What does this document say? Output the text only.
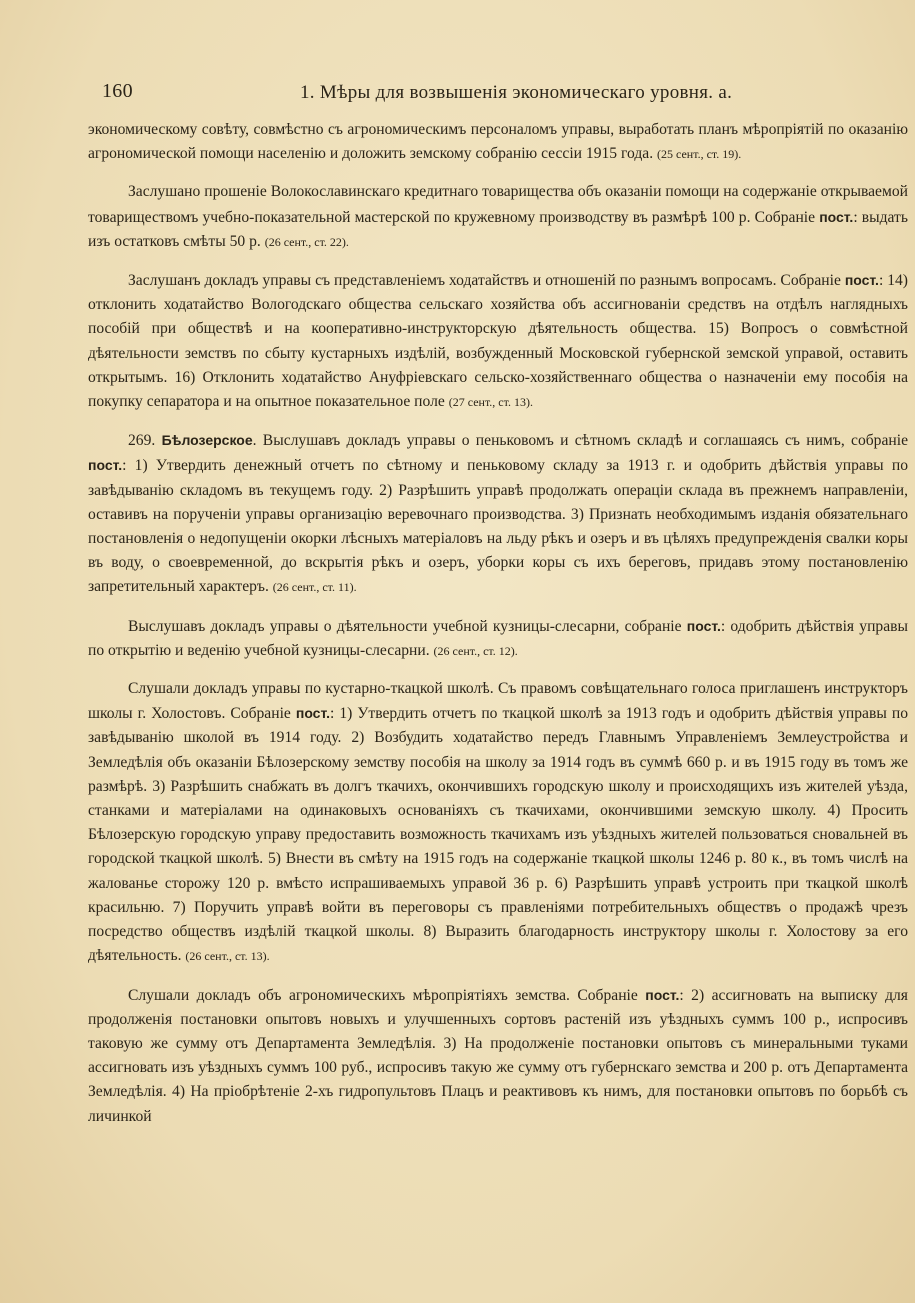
160	1. Мѣры для возвышенія экономическаго уровня. а.

экономическому совѣту, совмѣстно съ агрономическимъ персоналомъ управы, выработать планъ мѣропріятій по оказанію агрономической помощи населенію и доложить земскому собранію сессіи 1915 года. (25 сент., ст. 19).

Заслушано прошеніе Волокославинскаго кредитнаго товарищества объ оказаніи помощи на содержаніе открываемой товариществомъ учебно-показательной мастерской по кружевному производству въ размѣрѣ 100 р. Собраніе пост.: выдать изъ остатковъ смѣты 50 р. (26 сент., ст. 22).

Заслушанъ докладъ управы съ представленіемъ ходатайствъ и отношеній по разнымъ вопросамъ. Собраніе пост.: 14) отклонить ходатайство Вологодскаго общества сельскаго хозяйства объ ассигнованіи средствъ на отдѣлъ наглядныхъ пособій при обществѣ и на кооперативно-инструкторскую дѣятельность общества. 15) Вопросъ о совмѣстной дѣятельности земствъ по сбыту кустарныхъ издѣлій, возбужденный Московской губернской земской управой, оставить открытымъ. 16) Отклонить ходатайство Ануфріевскаго сельско-хозяйственнаго общества о назначеніи ему пособія на покупку сепаратора и на опытное показательное поле (27 сент., ст. 13).

269. Бѣлозерское. Выслушавъ докладъ управы о пеньковомъ и сѣтномъ складѣ и соглашаясь съ нимъ, собраніе пост.: 1) Утвердить денежный отчетъ по сѣтному и пеньковому складу за 1913 г. и одобрить дѣйствія управы по завѣдыванію складомъ въ текущемъ году. 2) Разрѣшить управѣ продолжать операціи склада въ прежнемъ направленіи, оставивъ на порученіи управы организацію веревочнаго производства. 3) Признать необходимымъ изданія обязательнаго постановленія о недопущеніи окорки лѣсныхъ матеріаловъ на льду рѣкъ и озеръ и въ цѣляхъ предупрежденія свалки коры въ воду, о своевременной, до вскрытія рѣкъ и озеръ, уборки коры съ ихъ береговъ, придавъ этому постановленію запретительный характеръ. (26 сент., ст. 11).

Выслушавъ докладъ управы о дѣятельности учебной кузницы-слесарни, собраніе пост.: одобрить дѣйствія управы по открытію и веденію учебной кузницы-слесарни. (26 сент., ст. 12).

Слушали докладъ управы по кустарно-ткацкой школѣ. Съ правомъ совѣщательнаго голоса приглашенъ инструкторъ школы г. Холостовъ. Собраніе пост.: 1) Утвердить отчетъ по ткацкой школѣ за 1913 годъ и одобрить дѣйствія управы по завѣдыванію школой въ 1914 году. 2) Возбудить ходатайство передъ Главнымъ Управленіемъ Землеустройства и Земледѣлія объ оказаніи Бѣлозерскому земству пособія на школу за 1914 годъ въ суммѣ 660 р. и въ 1915 году въ томъ же размѣрѣ. 3) Разрѣшить снабжать въ долгъ ткачихъ, окончившихъ городскую школу и происходящихъ изъ жителей уѣзда, станками и матеріалами на одинаковыхъ основаніяхъ съ ткачихами, окончившими земскую школу. 4) Просить Бѣлозерскую городскую управу предоставить возможность ткачихамъ изъ уѣздныхъ жителей пользоваться сновальней въ городской ткацкой школѣ. 5) Внести въ смѣту на 1915 годъ на содержаніе ткацкой школы 1246 р. 80 к., въ томъ числѣ на жалованье сторожу 120 р. вмѣсто испрашиваемыхъ управой 36 р. 6) Разрѣшить управѣ устроить при ткацкой школѣ красильню. 7) Поручить управѣ войти въ переговоры съ правленіями потребительныхъ обществъ о продажѣ чрезъ посредство обществъ издѣлій ткацкой школы. 8) Выразить благодарность инструктору школы г. Холостову за его дѣятельность. (26 сент., ст. 13).

Слушали докладъ объ агрономическихъ мѣропріятіяхъ земства. Собраніе пост.: 2) ассигновать на выписку для продолженія постановки опытовъ новыхъ и улучшенныхъ сортовъ растеній изъ уѣздныхъ суммъ 100 р., испросивъ таковую же сумму отъ Департамента Земледѣлія. 3) На продолженіе постановки опытовъ съ минеральными туками ассигновать изъ уѣздныхъ суммъ 100 руб., испросивъ такую же сумму отъ губернскаго земства и 200 р. отъ Департамента Земледѣлія. 4) На пріобрѣтеніе 2-хъ гидропультовъ Плацъ и реактивовъ къ нимъ, для постановки опытовъ по борьбѣ съ личинкой
